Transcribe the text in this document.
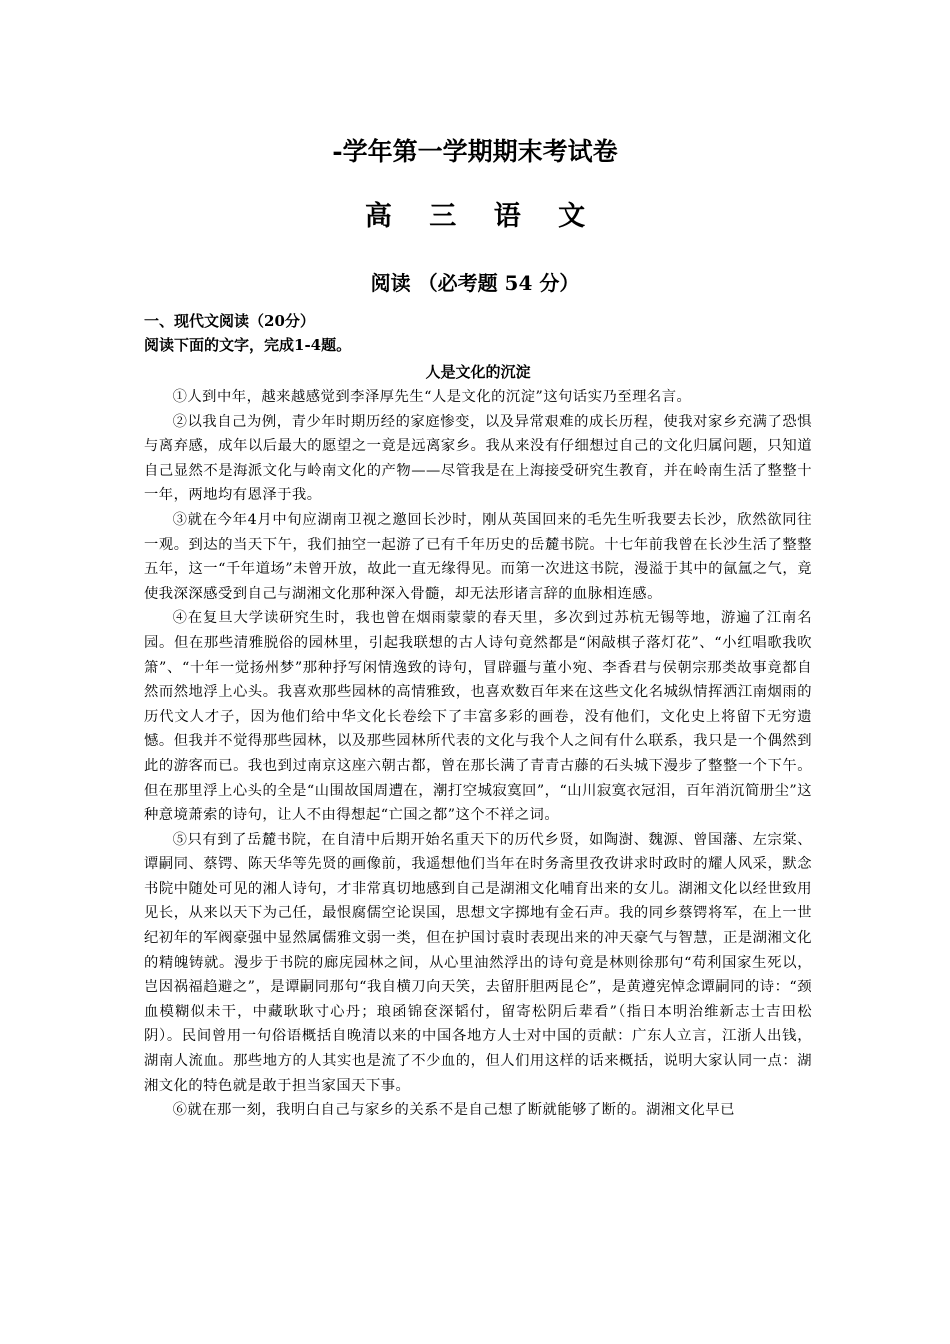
-学年第一学期期末考试卷
高 三 语 文
阅读 （必考题 54 分）
一、现代文阅读（20分）
阅读下面的文字，完成1-4题。
人是文化的沉淀

①人到中年，越来越感觉到李泽厚先生“人是文化的沉淀”这句话实乃至理名言。

②以我自己为例，青少年时期历经的家庭惨变，以及异常艰难的成长历程，使我对家乡充满了恐惧与离弃感，成年以后最大的愿望之一竟是远离家乡。我从来没有仔细想过自己的文化归属问题，只知道自己显然不是海派文化与岭南文化的产物——尽管我是在上海接受研究生教育，并在岭南生活了整整十一年，两地均有恩泽于我。

③就在今年4月中旬应湖南卫视之邀回长沙时，刚从英国回来的毛先生听我要去长沙，欣然欲同往一观。到达的当天下午，我们抽空一起游了已有千年历史的岳麓书院。十七年前我曾在长沙生活了整整五年，这一“千年道场”未曾开放，故此一直无缘得见。而第一次进这书院，漫溢于其中的氤氲之气，竟使我深深感受到自己与湖湘文化那种深入骨髓，却无法形诸言辞的血脉相连感。

④在复旦大学读研究生时，我也曾在烟雨蒙蒙的春天里，多次到过苏杭无锡等地，游遍了江南名园。但在那些清雅脱俗的园林里，引起我联想的古人诗句竟然都是“闲敲棋子落灯花”、“小红唱歌我吹箫”、“十年一觉扬州梦”那种抒写闲情逸致的诗句，冒辟疆与董小宛、李香君与侯朝宗那类故事竟都自然而然地浮上心头。我喜欢那些园林的高情雅致，也喜欢数百年来在这些文化名城纵情挥洒江南烟雨的历代文人才子，因为他们给中华文化长卷绘下了丰富多彩的画卷，没有他们，文化史上将留下无穷遗憾。但我并不觉得那些园林，以及那些园林所代表的文化与我个人之间有什么联系，我只是一个偶然到此的游客而已。我也到过南京这座六朝古都，曾在那长满了青青古藤的石头城下漫步了整整一个下午。但在那里浮上心头的全是“山围故国周遭在，潮打空城寂寞回”，“山川寂寞衣冠泪，百年消沉简册尘”这种意境萧索的诗句，让人不由得想起“亡国之都”这个不祥之词。

⑤只有到了岳麓书院，在自清中后期开始名重天下的历代乡贤，如陶澍、魏源、曾国藩、左宗棠、谭嗣同、蔡锷、陈天华等先贤的画像前，我遥想他们当年在时务斋里孜孜讲求时政时的耀人风采，默念书院中随处可见的湘人诗句，才非常真切地感到自己是湖湘文化哺育出来的女儿。湖湘文化以经世致用见长，从来以天下为己任，最恨腐儒空论误国，思想文字掷地有金石声。我的同乡蔡锷将军，在上一世纪初年的军阀豪强中显然属儒雅文弱一类，但在护国讨袁时表现出来的冲天豪气与智慧，正是湖湘文化的精魄铸就。漫步于书院的廊庑园林之间，从心里油然浮出的诗句竟是林则徐那句“苟利国家生死以，岂因祸福趋避之”，是谭嗣同那句“我自横刀向天笑，去留肝胆两昆仑”，是黄遵宪悼念谭嗣同的诗：“颈血模糊似未干，中藏耿耿寸心丹；琅函锦奁深韬付，留寄松阴后辈看”（指日本明治维新志士吉田松阴）。民间曾用一句俗语概括自晚清以来的中国各地方人士对中国的贡献：广东人立言，江浙人出钱，湖南人流血。那些地方的人其实也是流了不少血的，但人们用这样的话来概括，说明大家认同一点：湖湘文化的特色就是敢于担当家国天下事。

⑥就在那一刻，我明白自己与家乡的关系不是自己想了断就能够了断的。湖湘文化早已
